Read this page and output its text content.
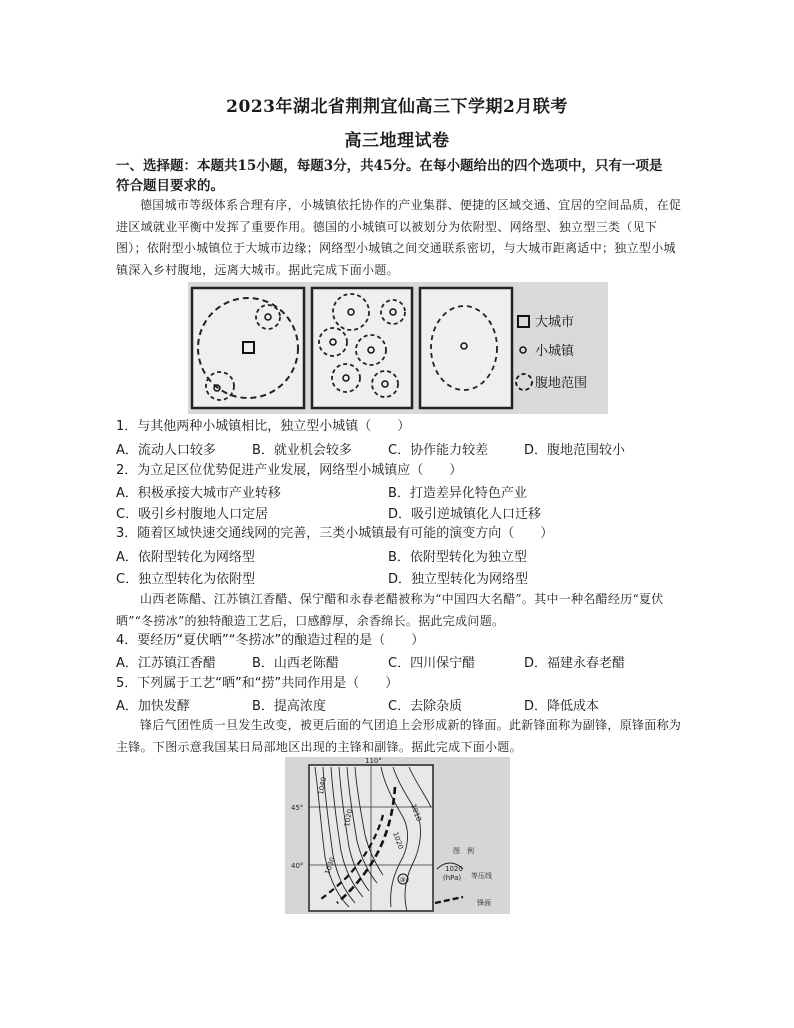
2023年湖北省荆荆宜仙高三下学期2月联考
高三地理试卷
一、选择题：本题共15小题，每题3分，共45分。在每小题给出的四个选项中，只有一项是
符合题目要求的。
德国城市等级体系合理有序，小城镇依托协作的产业集群、便捷的区域交通、宜居的空间品质，在促进区域就业平衡中发挥了重要作用。德国的小城镇可以被划分为依附型、网络型、独立型三类（见下图）；依附型小城镇位于大城市边缘；网络型小城镇之间交通联系密切，与大城市距离适中；独立型小城镇深入乡村腹地，远离大城市。据此完成下面小题。
大城市
小城镇
腹地范围
1．与其他两种小城镇相比，独立型小城镇（　　）
A．流动人口较多	B．就业机会较多	C．协作能力较差	D．腹地范围较小
2．为立足区位优势促进产业发展，网络型小城镇应（　　）
A．积极承接大城市产业转移	B．打造差异化特色产业
C．吸引乡村腹地人口定居	D．吸引逆城镇化人口迁移
3．随着区域快速交通线网的完善，三类小城镇最有可能的演变方向（　　）
A．依附型转化为网络型	B．依附型转化为独立型
C．独立型转化为依附型	D．独立型转化为网络型
山西老陈醋、江苏镇江香醋、保宁醋和永春老醋被称为“中国四大名醋”。其中一种名醋经历“夏伏晒”“冬捞冰”的独特酿造工艺后，口感醇厚，余香绵长。据此完成问题。
4．要经历“夏伏晒”“冬捞冰”的酿造过程的是（　　）
A．江苏镇江香醋	B．山西老陈醋	C．四川保宁醋	D．福建永春老醋
5．下列属于工艺“晒”和“捞”共同作用是（　　）
A．加快发酵	B．提高浓度	C．去除杂质	D．降低成本
锋后气团性质一旦发生改变，被更后面的气团追上会形成新的锋面。此新锋面称为副锋，原锋面称为主锋。下图示意我国某日局部地区出现的主锋和副锋。据此完成下面小题。
110°
45°
40°
1040
1030
1020	1010
1020
③
图　例
1020
(hPa) 等压线
锋面
